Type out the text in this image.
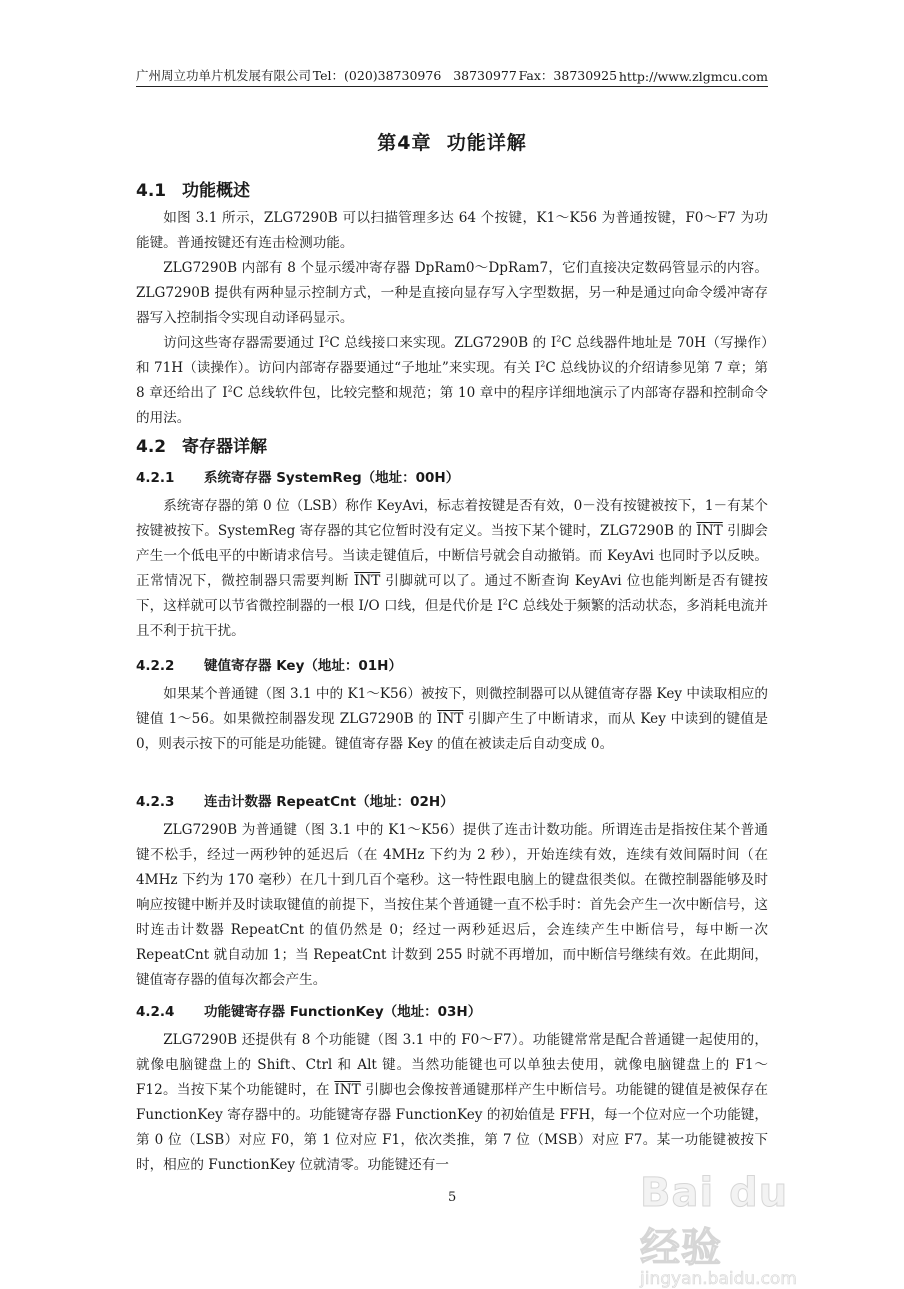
广州周立功单片机发展有限公司 Tel：(020)38730976   38730977 Fax：38730925 http://www.zlgmcu.com
第4章  功能详解
4.1 功能概述

如图 3.1 所示，ZLG7290B 可以扫描管理多达 64 个按键，K1～K56 为普通按键，F0～F7 为功能键。普通按键还有连击检测功能。

ZLG7290B 内部有 8 个显示缓冲寄存器 DpRam0～DpRam7，它们直接决定数码管显示的内容。ZLG7290B 提供有两种显示控制方式，一种是直接向显存写入字型数据，另一种是通过向命令缓冲寄存器写入控制指令实现自动译码显示。

访问这些寄存器需要通过 $I^2C$ 总线接口来实现。ZLG7290B 的 $I^2C$ 总线器件地址是 70H（写操作）和 71H（读操作）。访问内部寄存器要通过“子地址”来实现。有关 $I^2C$ 总线协议的介绍请参见第 7 章；第 8 章还给出了 $I^2C$ 总线软件包，比较完整和规范；第 10 章中的程序详细地演示了内部寄存器和控制命令的用法。

4.2 寄存器详解
4.2.1 系统寄存器 SystemReg（地址：00H）

系统寄存器的第 0 位（LSB）称作 KeyAvi，标志着按键是否有效，0－没有按键被按下，1－有某个按键被按下。SystemReg 寄存器的其它位暂时没有定义。当按下某个键时，ZLG7290B 的 $\overline{INT}$ 引脚会产生一个低电平的中断请求信号。当读走键值后，中断信号就会自动撤销。而 KeyAvi 也同时予以反映。正常情况下，微控制器只需要判断 $\overline{INT}$ 引脚就可以了。通过不断查询 KeyAvi 位也能判断是否有键按下，这样就可以节省微控制器的一根 I/O 口线，但是代价是 $I^2C$ 总线处于频繁的活动状态，多消耗电流并且不利于抗干扰。

4.2.2 键值寄存器 Key（地址：01H）

如果某个普通键（图 3.1 中的 K1～K56）被按下，则微控制器可以从键值寄存器 Key 中读取相应的键值 1～56。如果微控制器发现 ZLG7290B 的 $\overline{INT}$ 引脚产生了中断请求，而从 Key 中读到的键值是 0，则表示按下的可能是功能键。键值寄存器 Key 的值在被读走后自动变成 0。

4.2.3 连击计数器 RepeatCnt（地址：02H）

ZLG7290B 为普通键（图 3.1 中的 K1～K56）提供了连击计数功能。所谓连击是指按住某个普通键不松手，经过一两秒钟的延迟后（在 4MHz 下约为 2 秒），开始连续有效，连续有效间隔时间（在 4MHz 下约为 170 毫秒）在几十到几百个毫秒。这一特性跟电脑上的键盘很类似。在微控制器能够及时响应按键中断并及时读取键值的前提下，当按住某个普通键一直不松手时：首先会产生一次中断信号，这时连击计数器 RepeatCnt 的值仍然是 0；经过一两秒延迟后，会连续产生中断信号，每中断一次 RepeatCnt 就自动加 1；当 RepeatCnt 计数到 255 时就不再增加，而中断信号继续有效。在此期间，键值寄存器的值每次都会产生。

4.2.4 功能键寄存器 FunctionKey（地址：03H）

ZLG7290B 还提供有 8 个功能键（图 3.1 中的 F0～F7）。功能键常常是配合普通键一起使用的，就像电脑键盘上的 Shift、Ctrl 和 Alt 键。当然功能键也可以单独去使用，就像电脑键盘上的 F1～F12。当按下某个功能键时，在 $\overline{INT}$ 引脚也会像按普通键那样产生中断信号。功能键的键值是被保存在 FunctionKey 寄存器中的。功能键寄存器 FunctionKey 的初始值是 FFH，每一个位对应一个功能键，第 0 位（LSB）对应 F0，第 1 位对应 F1，依次类推，第 7 位（MSB）对应 F7。某一功能键被按下时，相应的 FunctionKey 位就清零。功能键还有一

5	Bai du 经验
jingyan.baidu.com
